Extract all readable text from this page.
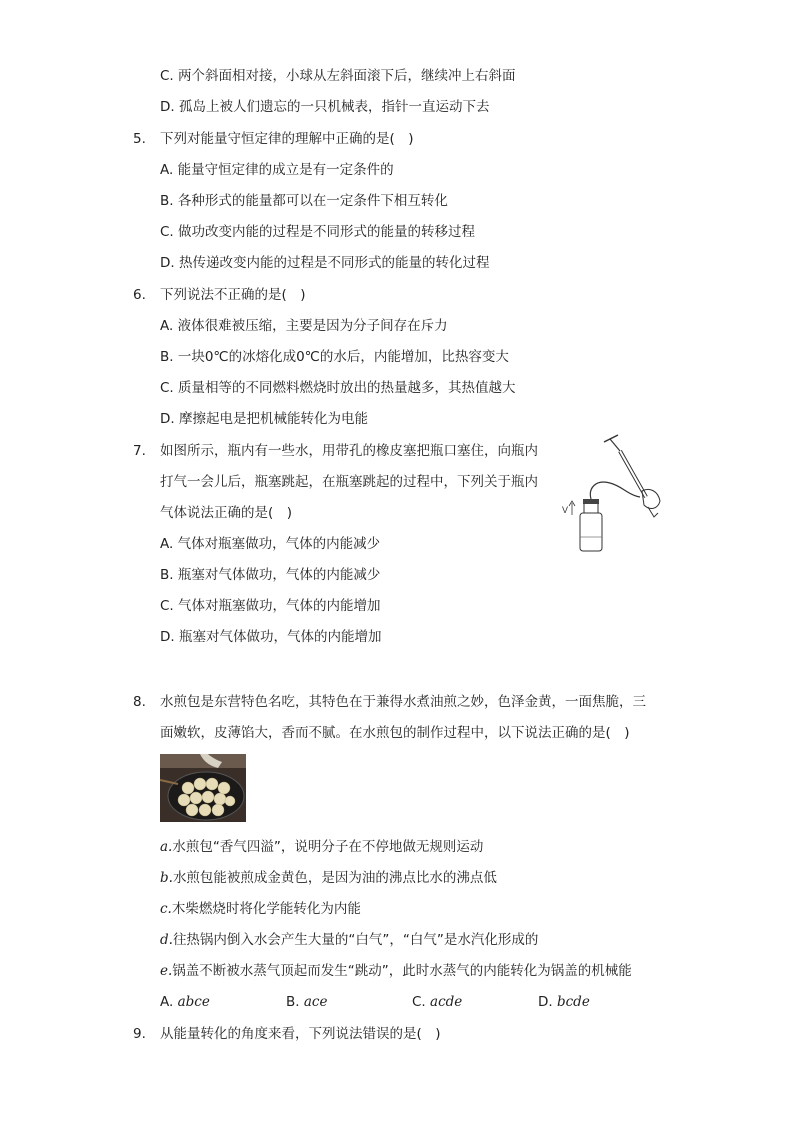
C. 两个斜面相对接，小球从左斜面滚下后，继续冲上右斜面
D. 孤岛上被人们遗忘的一只机械表，指针一直运动下去
5. 下列对能量守恒定律的理解中正确的是(　)
A. 能量守恒定律的成立是有一定条件的
B. 各种形式的能量都可以在一定条件下相互转化
C. 做功改变内能的过程是不同形式的能量的转移过程
D. 热传递改变内能的过程是不同形式的能量的转化过程
6. 下列说法不正确的是(　)
A. 液体很难被压缩，主要是因为分子间存在斥力
B. 一块0℃的冰熔化成0℃的水后，内能增加，比热容变大
C. 质量相等的不同燃料燃烧时放出的热量越多，其热值越大
D. 摩擦起电是把机械能转化为电能
7. 如图所示，瓶内有一些水，用带孔的橡皮塞把瓶口塞住，向瓶内
打气一会儿后，瓶塞跳起，在瓶塞跳起的过程中，下列关于瓶内
气体说法正确的是(　)
A. 气体对瓶塞做功，气体的内能减少
B. 瓶塞对气体做功，气体的内能减少
C. 气体对瓶塞做功，气体的内能增加
D. 瓶塞对气体做功，气体的内能增加
V
8. 水煎包是东营特色名吃，其特色在于兼得水煮油煎之妙，色泽金黄，一面焦脆，三
面嫩软，皮薄馅大，香而不腻。在水煎包的制作过程中，以下说法正确的是(　)
a.水煎包“香气四溢”，说明分子在不停地做无规则运动
b.水煎包能被煎成金黄色，是因为油的沸点比水的沸点低
c.木柴燃烧时将化学能转化为内能
d.往热锅内倒入水会产生大量的“白气”，“白气”是水汽化形成的
e.锅盖不断被水蒸气顶起而发生“跳动”，此时水蒸气的内能转化为锅盖的机械能
A. abce	B. ace	C. acde	D. bcde
9. 从能量转化的角度来看，下列说法错误的是(　)
